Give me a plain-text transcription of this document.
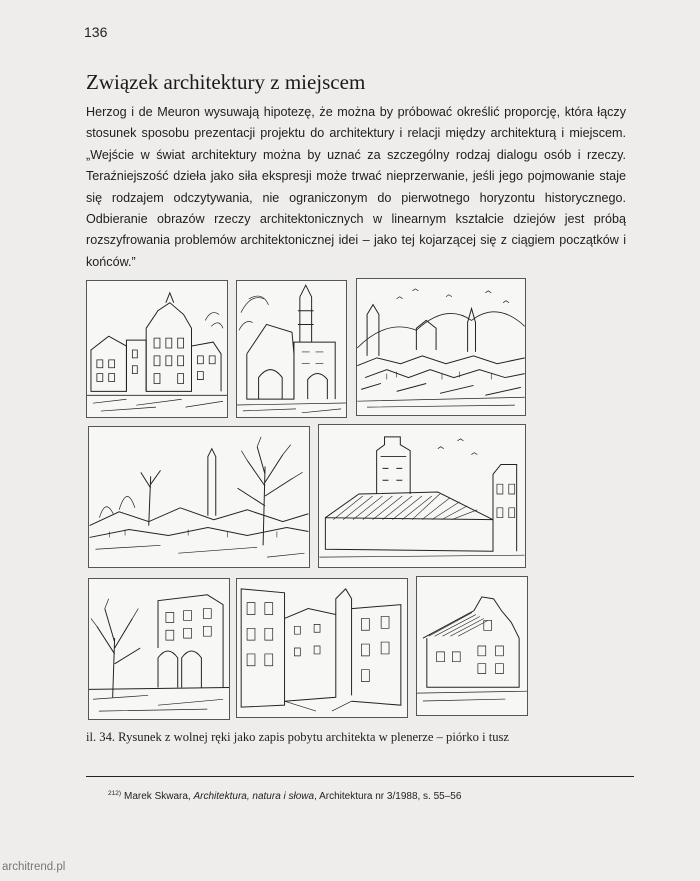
136
Związek architektury z miejscem

Herzog i de Meuron wysuwają hipotezę, że można by próbować określić proporcję, która łączy stosunek sposobu prezentacji projektu do architektury i relacji między architekturą i miejscem.„Wejście w świat architektury można by uznać za szczególny rodzaj dialogu osób i rzeczy. Teraźniejszość dzieła jako siła ekspresji może trwać nieprzerwanie, jeśli jego pojmowanie staje się rodzajem odczytywania, nie ograniczonym do pierwotnego horyzontu historycznego. Odbieranie obrazów rzeczy architektonicznych w linearnym kształcie dziejów jest próbą rozszyfrowania problemów architektonicznej idei – jako tej kojarzącej się z ciągiem początków i końców.”

il. 34. Rysunek z wolnej ręki jako zapis pobytu architekta w plenerze – piórko i tusz

$^{212)}$ Marek Skwara, Architektura, natura i słowa, Architektura nr 3/1988, s. 55–56
architrend.pl
